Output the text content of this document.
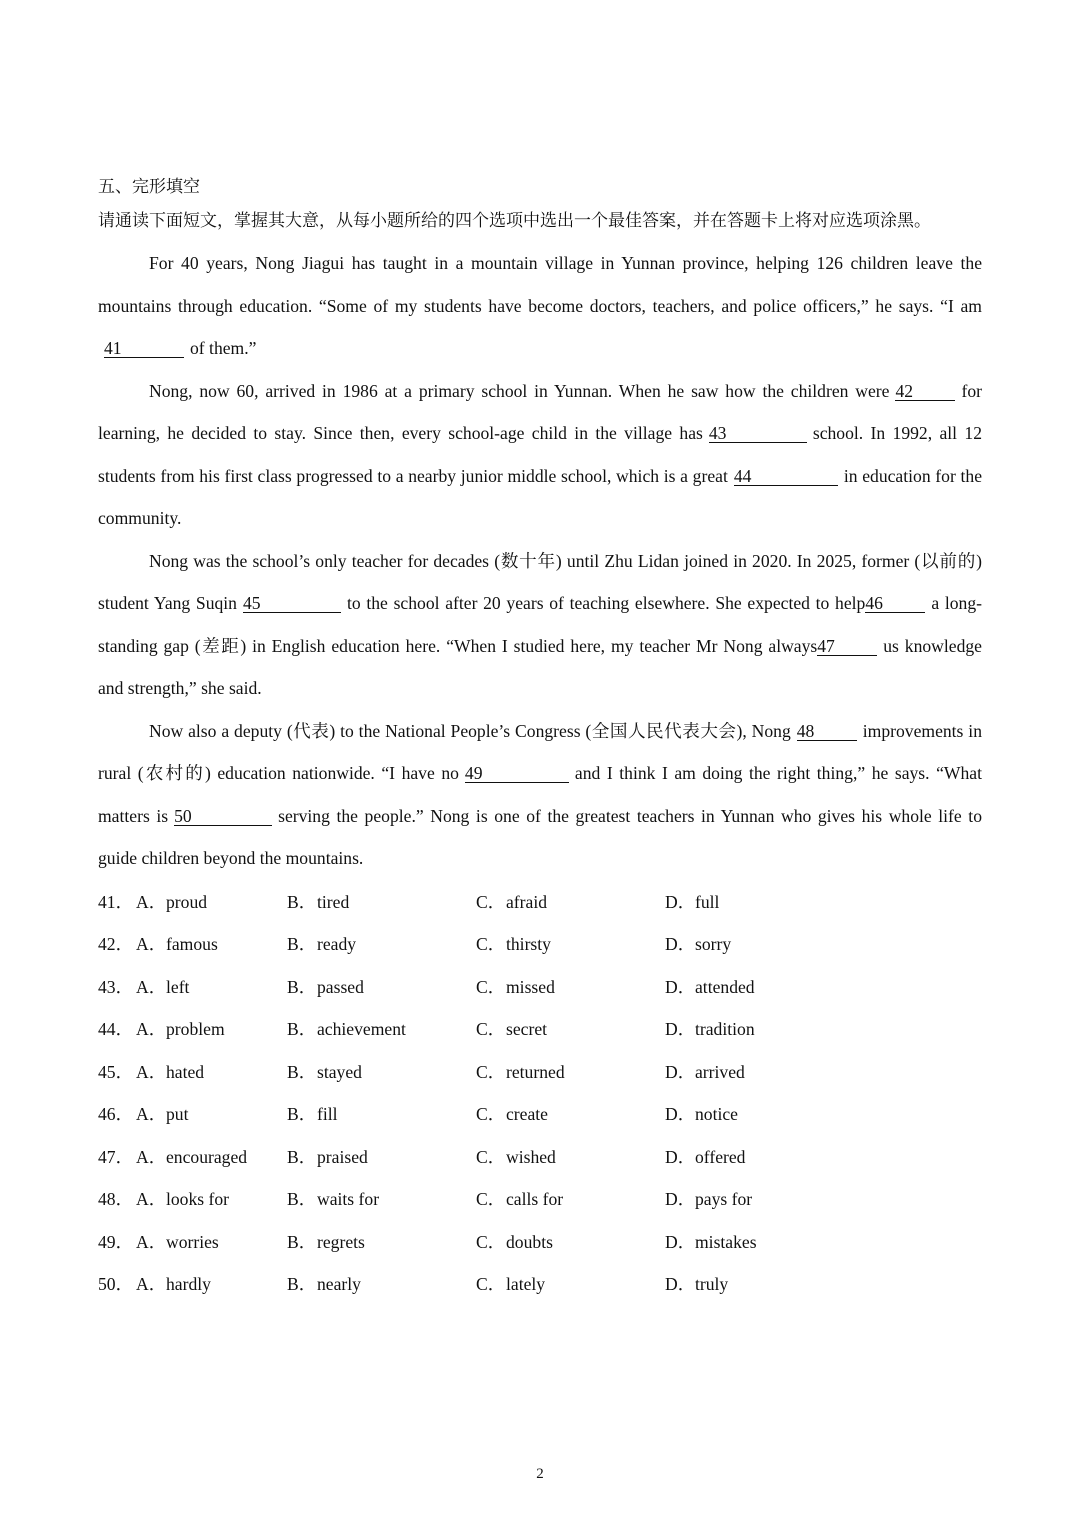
五、完形填空

请通读下面短文，掌握其大意，从每小题所给的四个选项中选出一个最佳答案，并在答题卡上将对应选项涂黑。

For 40 years, Nong Jiagui has taught in a mountain village in Yunnan province, helping 126 children leave the mountains through education. “Some of my students have become doctors, teachers, and police officers,” he says. “I am41	of them.”

Nong, now 60, arrived in 1986 at a primary school in Yunnan. When he saw how the children were 42	for learning, he decided to stay. Since then, every school-age child in the village has 43	school. In 1992, all 12 students from his first class progressed to a nearby junior middle school, which is a great 44	in education for the community.

Nong was the school’s only teacher for decades (数十年) until Zhu Lidan joined in 2020. In 2025, former (以前的) student Yang Suqin 45	to the school after 20 years of teaching elsewhere. She expected to help46	a long-standing gap (差距) in English education here. “When I studied here, my teacher Mr Nong always47	us knowledge and strength,” she said.

Now also a deputy (代表) to the National People’s Congress (全国人民代表大会), Nong 48	improvements in rural (农村的) education nationwide. “I have no 49	and I think I am doing the right thing,” he says. “What matters is 50	serving the people.” Nong is one of the greatest teachers in Yunnan who gives his whole life to guide children beyond the mountains.

41． A． proud	B． tired	C． afraid	D． full
42． A． famous	B． ready	C． thirsty	D． sorry
43． A． left	B． passed	C． missed	D． attended
44． A． problem	B． achievement	C． secret	D． tradition
45． A． hated	B． stayed	C． returned	D． arrived
46． A． put	B． fill	C． create	D． notice
47． A． encouraged B． praised	C． wished	D． offered
48． A． looks for	B． waits for	C． calls for	D． pays for
49． A． worries	B． regrets	C． doubts	D． mistakes
50． A． hardly	B． nearly	C． lately	D． truly
2
